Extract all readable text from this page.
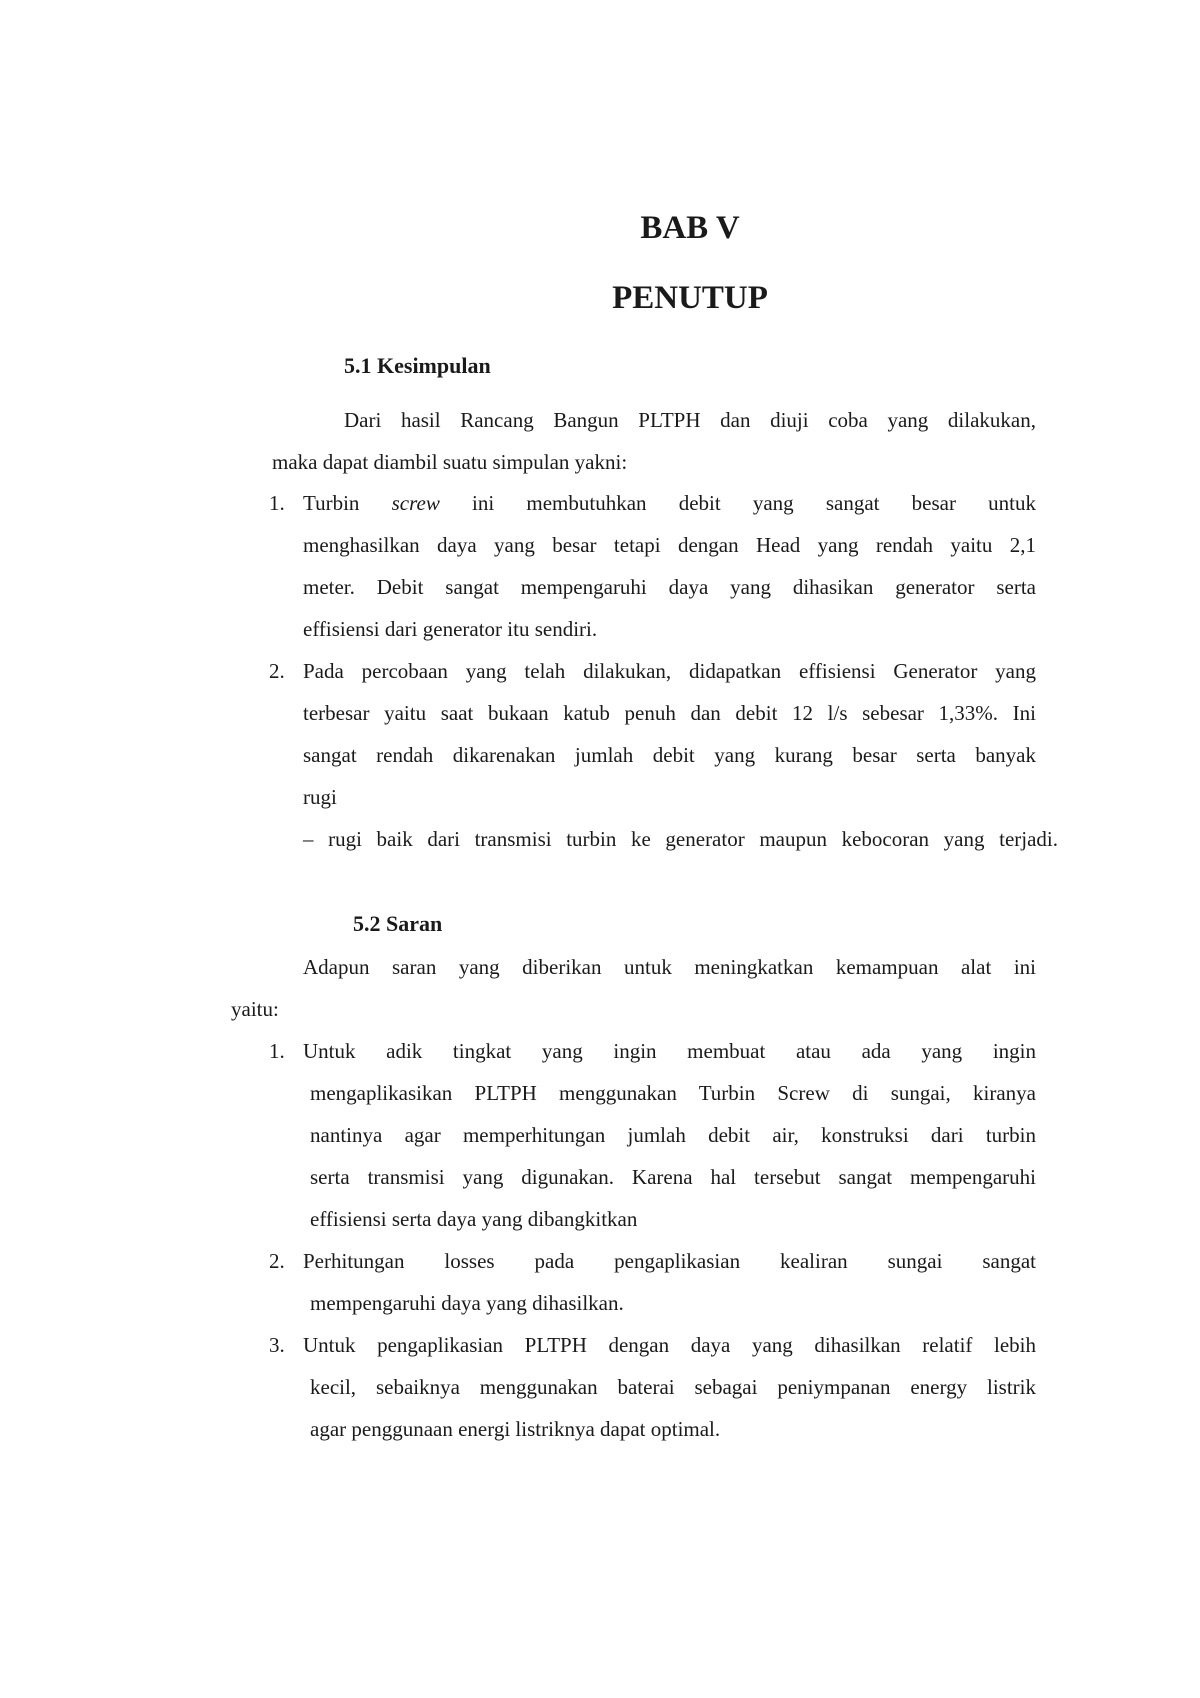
BAB V
PENUTUP
5.1 Kesimpulan
Dari hasil Rancang Bangun PLTPH dan diuji coba yang dilakukan,
maka dapat diambil suatu simpulan yakni:
1. Turbin screw ini membutuhkan debit yang sangat besar untuk
menghasilkan daya yang besar tetapi dengan Head yang rendah yaitu 2,1
meter. Debit sangat mempengaruhi daya yang dihasikan generator serta
effisiensi dari generator itu sendiri.
2. Pada percobaan yang telah dilakukan, didapatkan effisiensi Generator yang
terbesar yaitu saat bukaan katub penuh dan debit 12 l/s sebesar 1,33%. Ini
sangat rendah dikarenakan jumlah debit yang kurang besar serta banyak
rugi
– rugi baik dari transmisi turbin ke generator maupun kebocoran yang terjadi.
5.2 Saran
Adapun saran yang diberikan untuk meningkatkan kemampuan alat ini
yaitu:
1. Untuk adik tingkat yang ingin membuat atau ada yang ingin
mengaplikasikan PLTPH menggunakan Turbin Screw di sungai, kiranya
nantinya agar memperhitungan jumlah debit air, konstruksi dari turbin
serta transmisi yang digunakan. Karena hal tersebut sangat mempengaruhi
effisiensi serta daya yang dibangkitkan
2. Perhitungan losses pada pengaplikasian kealiran sungai sangat
mempengaruhi daya yang dihasilkan.
3. Untuk pengaplikasian PLTPH dengan daya yang dihasilkan relatif lebih
kecil, sebaiknya menggunakan baterai sebagai peniympanan energy listrik
agar penggunaan energi listriknya dapat optimal.
